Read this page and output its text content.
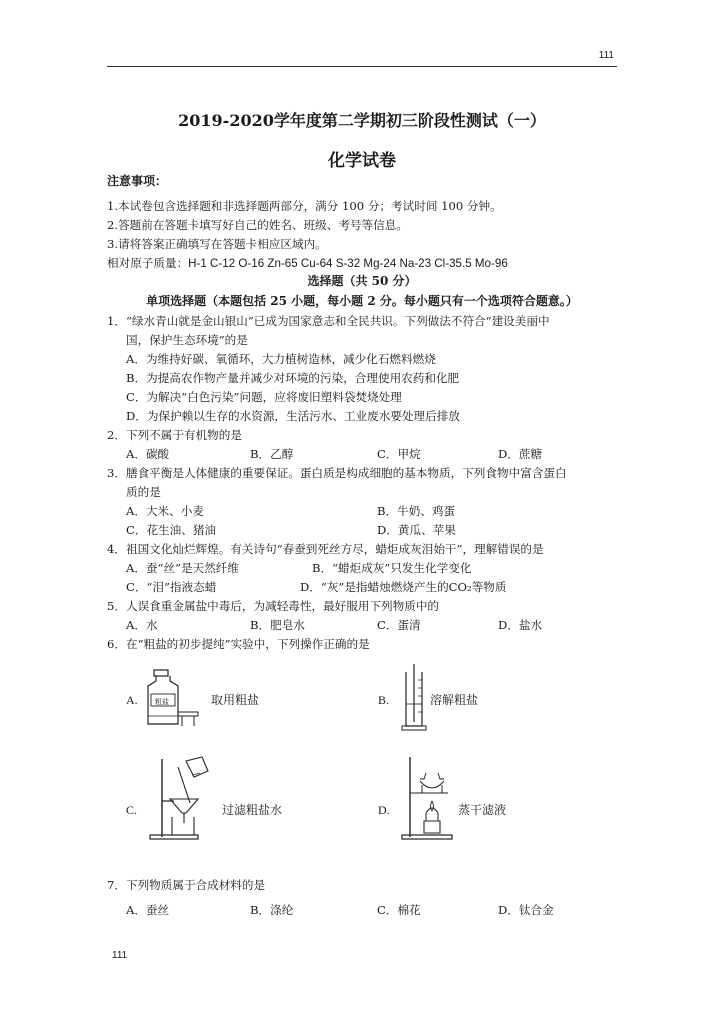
111
2019-2020学年度第二学期初三阶段性测试（一）
化学试卷
注意事项：
1.本试卷包含选择题和非选择题两部分，满分 100 分；考试时间 100 分钟。
2.答题前在答题卡填写好自己的姓名、班级、考号等信息。
3.请将答案正确填写在答题卡相应区域内。
相对原子质量：H-1 C-12 O-16 Zn-65 Cu-64 S-32 Mg-24 Na-23 Cl-35.5 Mo-96
选择题（共 50 分）
单项选择题（本题包括 25 小题，每小题 2 分。每小题只有一个选项符合题意。）
1．“绿水青山就是金山银山”已成为国家意志和全民共识。下列做法不符合“建设美丽中
国，保护生态环境”的是
A．为维持好碳、氧循环，大力植树造林，减少化石燃料燃烧
B．为提高农作物产量并减少对环境的污染，合理使用农药和化肥
C．为解决“白色污染”问题，应将废旧塑料袋焚烧处理
D．为保护赖以生存的水资源，生活污水、工业废水要处理后排放
2．下列不属于有机物的是
A．碳酸	B．乙醇	C．甲烷	D．蔗糖
3．膳食平衡是人体健康的重要保证。蛋白质是构成细胞的基本物质，下列食物中富含蛋白
质的是
A．大米、小麦	B．牛奶、鸡蛋
C．花生油、猪油	D．黄瓜、苹果
4．祖国文化灿烂辉煌。有关诗句“春蚕到死丝方尽，蜡炬成灰泪始干”，理解错误的是
A．蚕“丝”是天然纤维	B．“蜡炬成灰”只发生化学变化
C．“泪”指液态蜡	D．“灰”是指蜡烛燃烧产生的CO₂等物质
5．人误食重金属盐中毒后，为减轻毒性，最好服用下列物质中的
A．水	B．肥皂水	C．蛋清	D．盐水
6．在“粗盐的初步提纯”实验中，下列操作正确的是
A. 粗盐	取用粗盐	B.	溶解粗盐
C.	过滤粗盐水	D.	蒸干滤液
7．下列物质属于合成材料的是
A．蚕丝	B．涤纶	C．棉花	D．钛合金
111
